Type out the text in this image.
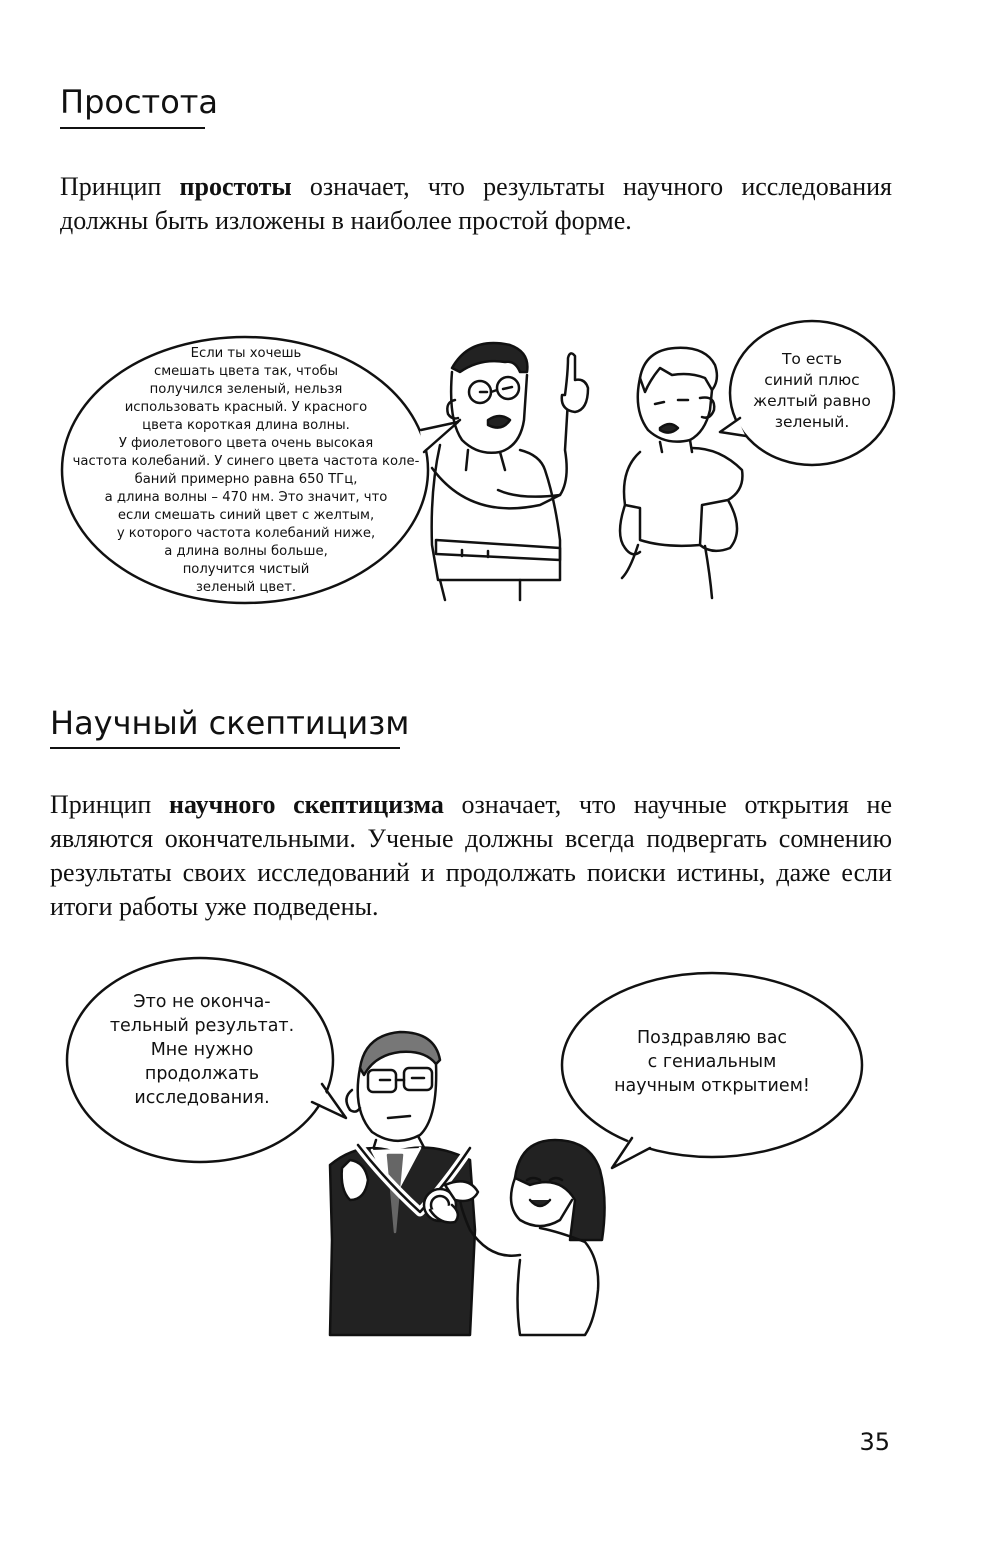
Простота

Принцип простоты означает, что результаты научного исследования должны быть изложены в наиболее простой форме.

Если ты хочешь
смешать цвета так, чтобы
получился зеленый, нельзя
использовать красный. У красного
цвета короткая длина волны.
У фиолетового цвета очень высокая
частота колебаний. У синего цвета частота коле-
баний примерно равна 650 ТГц,
а длина волны – 470 нм. Это значит, что
если смешать синий цвет с желтым,
у которого частота колебаний ниже,
а длина волны больше,
получится чистый
зеленый цвет.
То есть
синий плюс
желтый равно
зеленый.
Научный скептицизм

Принцип научного скептицизма означает, что научные открытия не являются окончательными. Ученые должны всегда подвергать сомнению результаты своих исследований и продолжать поиски истины, даже если итоги работы уже подведены.

Это не оконча-
тельный результат.
Мне нужно
продолжать
исследования.
Поздравляю вас
с гениальным
научным открытием!
35
